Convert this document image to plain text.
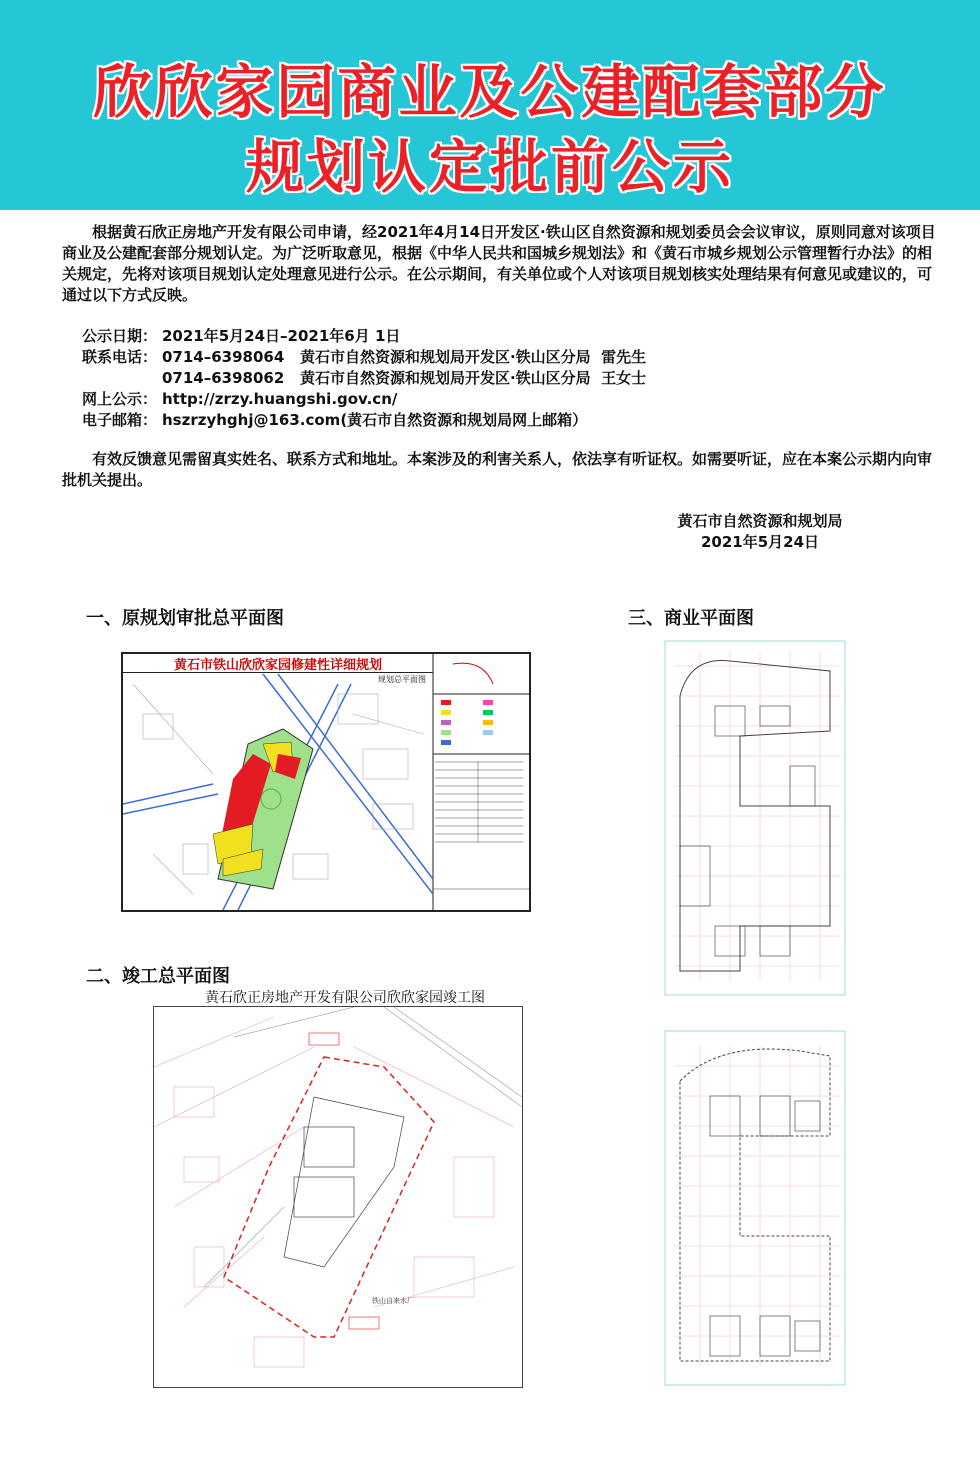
欣欣家园商业及公建配套部分
规划认定批前公示

根据黄石欣正房地产开发有限公司申请，经2021年4月14日开发区·铁山区自然资源和规划委员会会议审议，原则同意对该项目商业及公建配套部分规划认定。为广泛听取意见，根据《中华人民共和国城乡规划法》和《黄石市城乡规划公示管理暂行办法》的相关规定，先将对该项目规划认定处理意见进行公示。在公示期间，有关单位或个人对该项目规划核实处理结果有何意见或建议的，可通过以下方式反映。

公示日期： 2021年5月24日–2021年6月 1日
联系电话： 0714–6398064   黄石市自然资源和规划局开发区·铁山区分局  雷先生
0714–6398062   黄石市自然资源和规划局开发区·铁山区分局  王女士
网上公示： http://zrzy.huangshi.gov.cn/
电子邮箱： hszrzyhghj@163.com(黄石市自然资源和规划局网上邮箱）
有效反馈意见需留真实姓名、联系方式和地址。本案涉及的利害关系人，依法享有听证权。如需要听证，应在本案公示期内向审批机关提出。
黄石市自然资源和规划局
2021年5月24日
一、原规划审批总平面图	三、商业平面图
二、竣工总平面图
黄石市铁山欣欣家园修建性详细规划
规划总平面图
黄石欣正房地产开发有限公司欣欣家园竣工图
铁山自来水厂
